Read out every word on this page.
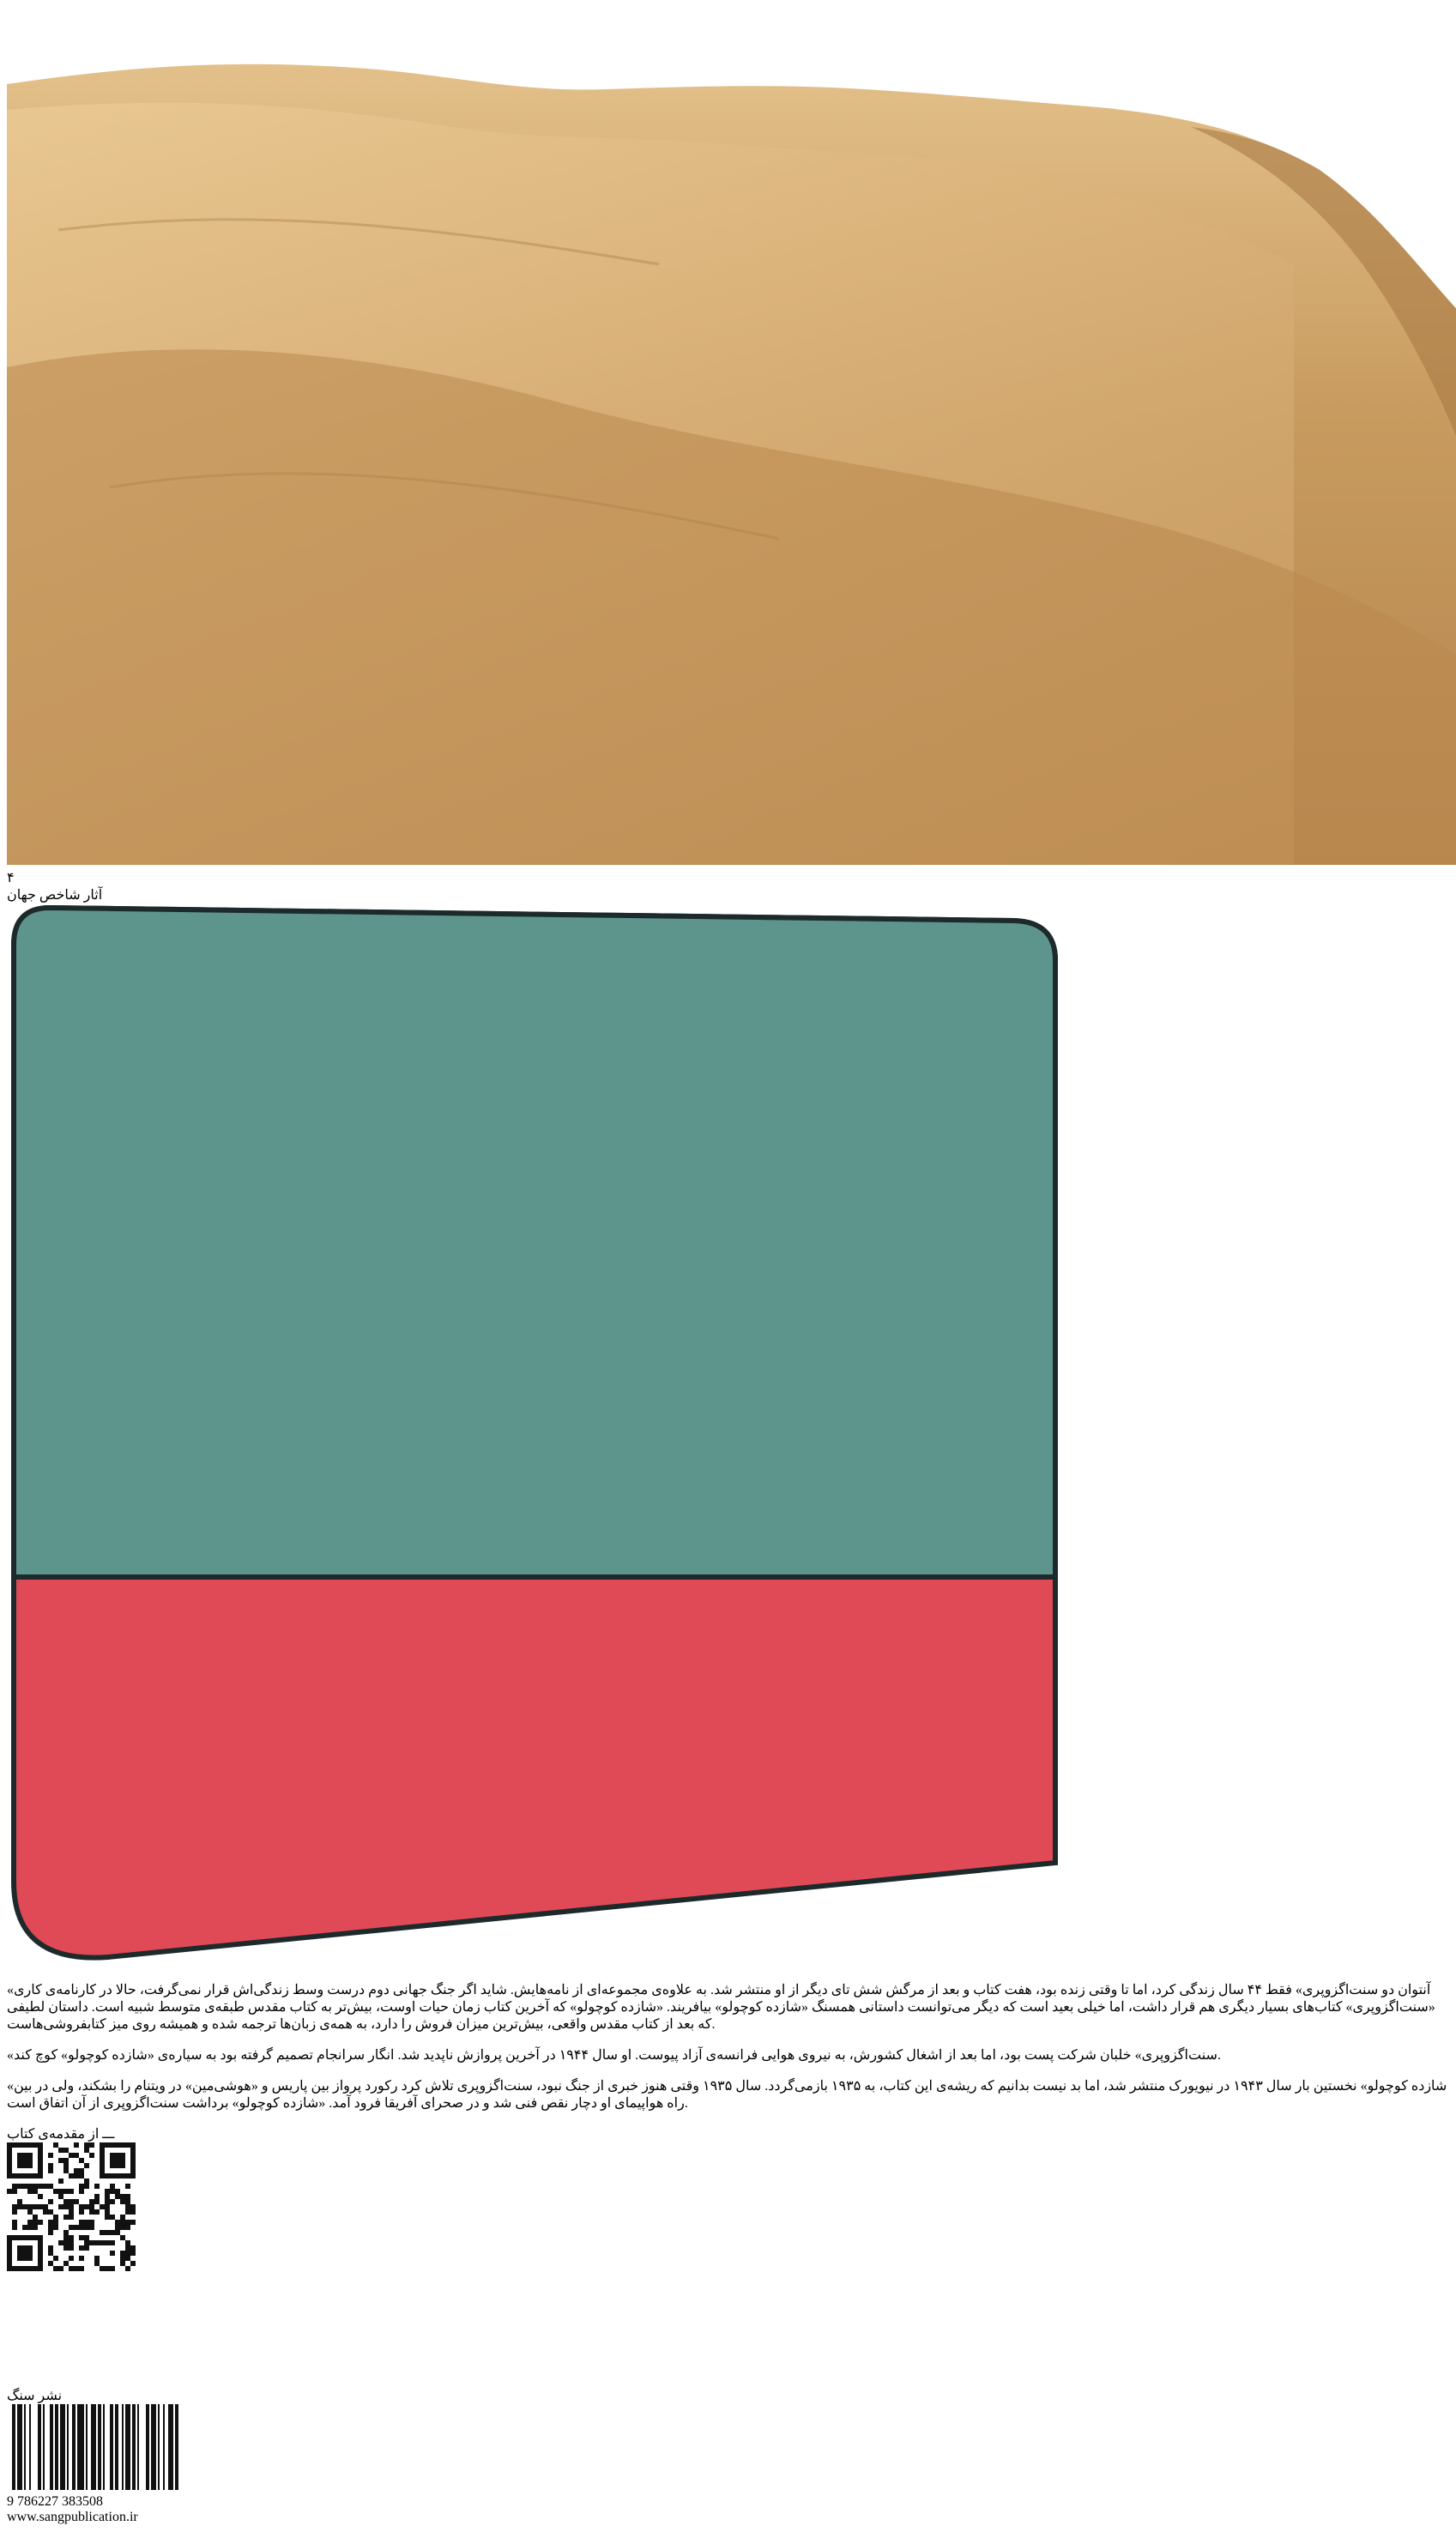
۴
آثار شاخص جهان

«آنتوان دو سنت‌اگزوپری» فقط ۴۴ سال زندگی کرد، اما تا وقتی زنده بود، هفت کتاب و بعد از مرگش شش تای دیگر از او منتشر شد. به علاوه‌ی مجموعه‌ای از نامه‌هایش. شاید اگر جنگ جهانی دوم درست وسط زندگی‌اش قرار نمی‌گرفت، حالا در کارنامه‌ی کاری «سنت‌اگزوپری» کتاب‌های بسیار دیگری هم قرار داشت، اما خیلی بعید است که دیگر می‌توانست داستانی همسنگ «شازده کوچولو» بیافریند. «شازده کوچولو» که آخرین کتاب زمان حیات اوست، بیش‌تر به کتاب مقدس طبقه‌ی متوسط شبیه است. داستان لطیفی که بعد از کتاب مقدس واقعی، بیش‌ترین میزان فروش را دارد، به همه‌ی زبان‌ها ترجمه شده و همیشه روی میز کتابفروشی‌هاست.

«سنت‌اگزوپری» خلبان شرکت پست بود، اما بعد از اشغال کشورش، به نیروی هوایی فرانسه‌ی آزاد پیوست. او سال ۱۹۴۴ در آخرین پروازش ناپدید شد. انگار سرانجام تصمیم گرفته بود به سیاره‌ی «شازده کوچولو» کوچ کند.

«شازده کوچولو» نخستین بار سال ۱۹۴۳ در نیویورک منتشر شد، اما بد نیست بدانیم که ریشه‌ی این کتاب، به ۱۹۳۵ بازمی‌گردد. سال ۱۹۳۵ وقتی هنوز خبری از جنگ نبود، سنت‌اگزوپری تلاش کرد رکورد پرواز بین پاریس و «هوشی‌مین» در ویتنام را بشکند، ولی در بین راه هواپیمای او دچار نقص فنی شد و در صحرای آفریقا فرود آمد. «شازده کوچولو» برداشت سنت‌اگزوپری از آن اتفاق است.

ـــ از مقدمه‌ی کتاب
نشر سنگ
9 786227 383508
www.sangpublication.ir
